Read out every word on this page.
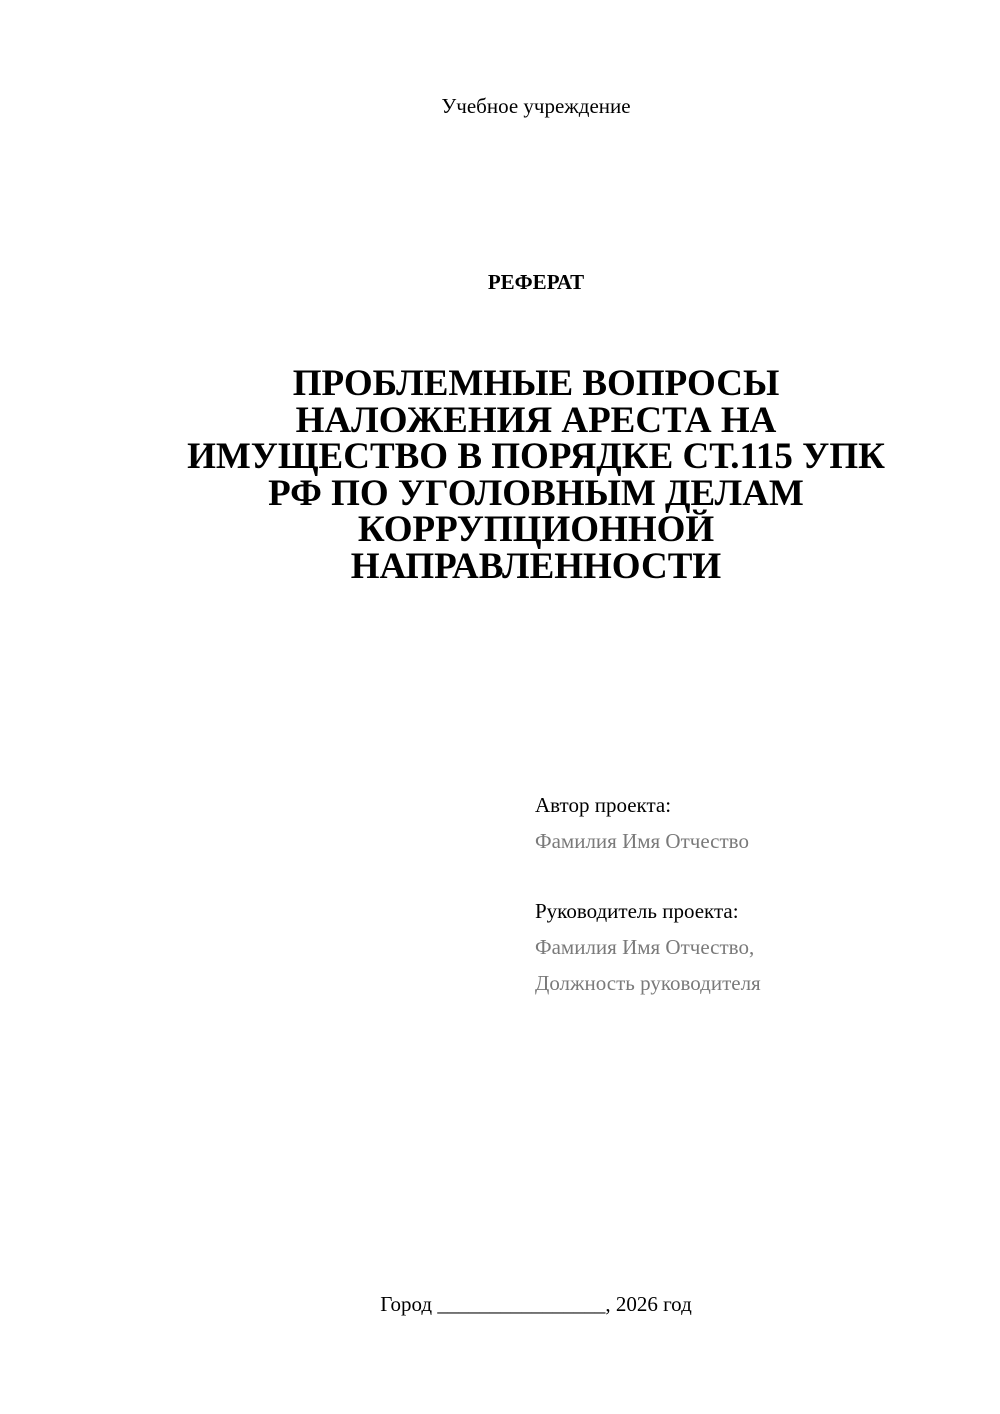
Учебное учреждение
РЕФЕРАТ
ПРОБЛЕМНЫЕ ВОПРОСЫ
НАЛОЖЕНИЯ АРЕСТА НА
ИМУЩЕСТВО В ПОРЯДКЕ СТ.115 УПК
РФ ПО УГОЛОВНЫМ ДЕЛАМ
КОРРУПЦИОННОЙ
НАПРАВЛЕННОСТИ
Автор проекта:
Фамилия Имя Отчество
Руководитель проекта:
Фамилия Имя Отчество,
Должность руководителя
Город ________________, 2026 год
